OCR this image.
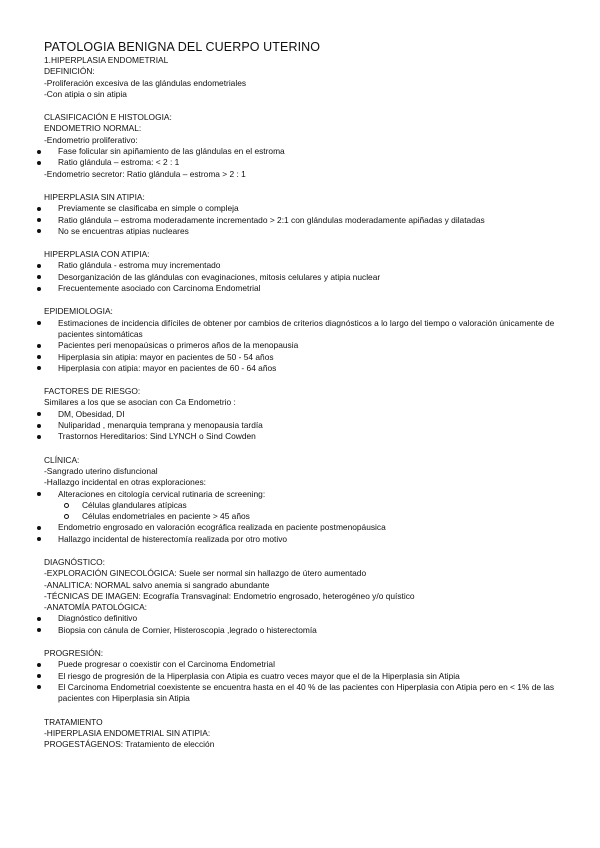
PATOLOGIA BENIGNA DEL CUERPO UTERINO
1.HIPERPLASIA ENDOMETRIAL
DEFINICIÓN:
-Proliferación excesiva de las glándulas endometriales
-Con atipia o sin atipia
CLASIFICACIÓN E HISTOLOGIA:
ENDOMETRIO NORMAL:
-Endometrio proliferativo:
Fase folicular sin apiñamiento de las glándulas en el estroma
Ratio glándula – estroma: < 2 : 1
-Endometrio secretor: Ratio glándula – estroma > 2 : 1
HIPERPLASIA SIN ATIPIA:
Previamente se clasificaba en simple o compleja
Ratio glándula – estroma moderadamente incrementado > 2:1 con glándulas moderadamente apiñadas y dilatadas
No se encuentras atipias nucleares
HIPERPLASIA CON ATIPIA:
Ratio glándula - estroma muy incrementado
Desorganización de las glándulas con evaginaciones, mitosis celulares y atipia nuclear
Frecuentemente asociado con Carcinoma Endometrial
EPIDEMIOLOGIA:
Estimaciones de incidencia difíciles de obtener por cambios de criterios diagnósticos a lo largo del tiempo o valoración únicamente de pacientes sintomáticas
Pacientes peri menopaúsicas o primeros años de la menopausia
Hiperplasia sin atipia: mayor en pacientes de 50 - 54 años
Hiperplasia con atipia: mayor en pacientes de 60 - 64 años
FACTORES DE RIESGO:
Similares a los que se asocian con Ca Endometrio :
DM, Obesidad, DI
Nuliparidad , menarquia temprana y menopausia tardía
Trastornos Hereditarios: Sind LYNCH o Sind Cowden
CLÍNICA:
-Sangrado uterino disfuncional
-Hallazgo incidental en otras exploraciones:
Alteraciones en citología cervical rutinaria de screening:
Células glandulares atípicas
Células endometriales en paciente > 45 años
Endometrio engrosado en valoración ecográfica realizada en paciente postmenopáusica
Hallazgo incidental de histerectomía realizada por otro motivo
DIAGNÓSTICO:
-EXPLORACIÓN GINECOLÓGICA: Suele ser normal sin hallazgo de útero aumentado
-ANALITICA: NORMAL salvo anemia si sangrado abundante
-TÉCNICAS DE IMAGEN: Ecografía Transvaginal: Endometrio engrosado, heterogéneo y/o quístico
-ANATOMÍA PATOLÓGICA:
Diagnóstico definitivo
Biopsia con cánula de Cornier, Histeroscopia ,legrado o histerectomía
PROGRESIÓN:
Puede progresar o coexistir con el Carcinoma Endometrial
El riesgo de progresión de la Hiperplasia con Atipia es cuatro veces mayor que el de la Hiperplasia sin Atipia
El Carcinoma Endometrial coexistente se encuentra hasta en el 40 % de las pacientes con Hiperplasia con Atipia pero en < 1% de las pacientes con Hiperplasia sin Atipia
TRATAMIENTO
-HIPERPLASIA ENDOMETRIAL SIN ATIPIA:
PROGESTÁGENOS: Tratamiento de elección
